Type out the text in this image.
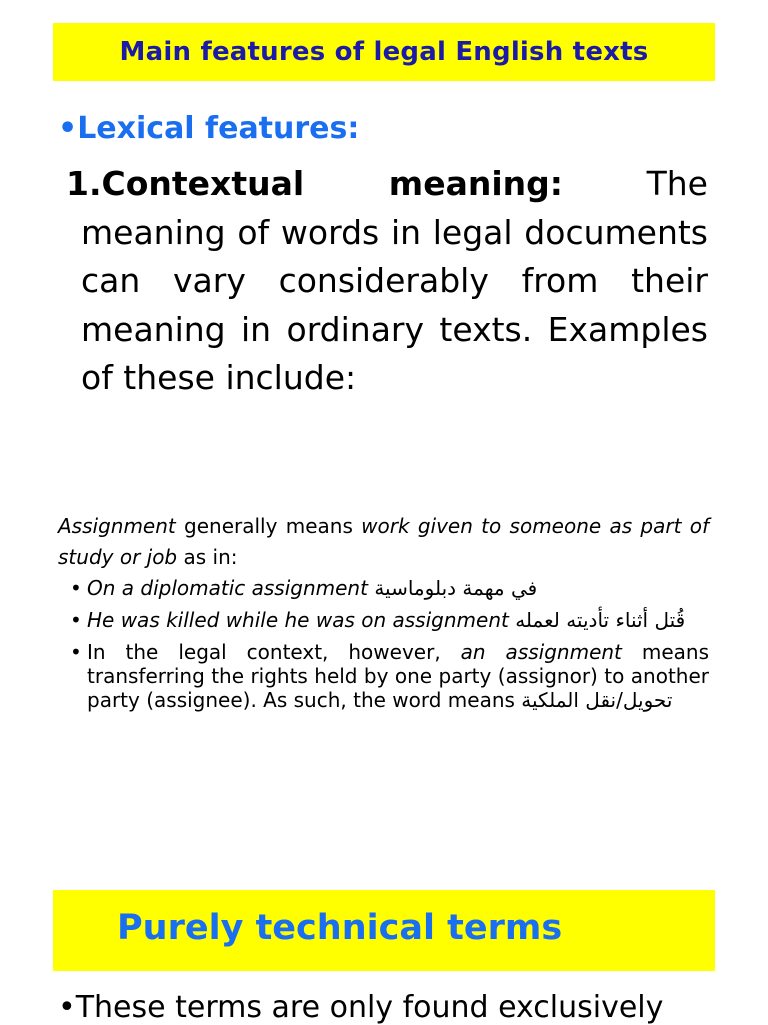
Main features of legal English texts
•Lexical features:
1.Contextual meaning:	The meaning of words in legal documents can vary considerably from their meaning in ordinary texts. Examples of these include:
Assignment generally means work given to someone as part of study or job as in:
• On a diplomatic assignment في مهمة دبلوماسية
• He was killed while he was on assignment قُتل أثناء تأديته لعمله
• In the legal context, however, an assignment means transferring the rights held by one party (assignor) to another party (assignee). As such, the word means تحويل/نقل الملكية
Purely technical terms
•These terms are only found exclusively
